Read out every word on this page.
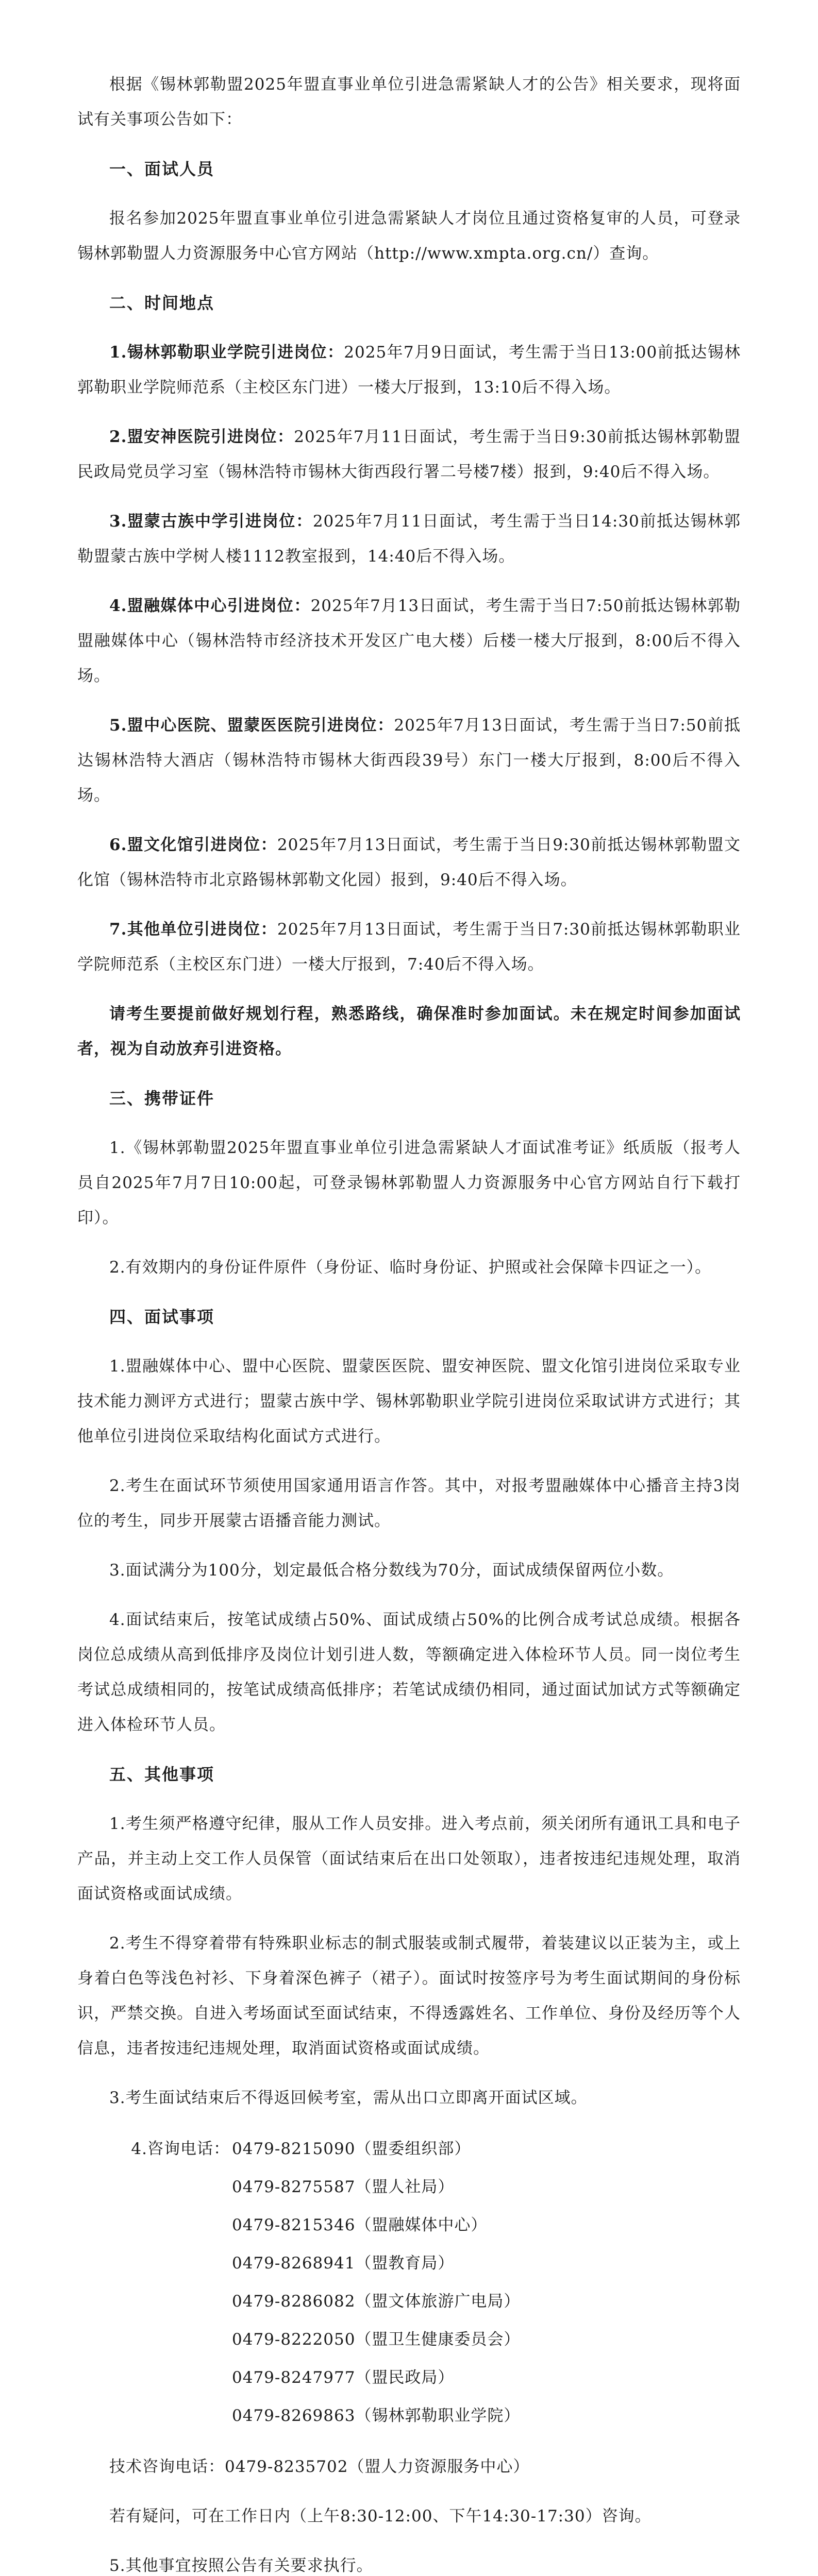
根据《锡林郭勒盟2025年盟直事业单位引进急需紧缺人才的公告》相关要求，现将面试有关事项公告如下：

一、面试人员

报名参加2025年盟直事业单位引进急需紧缺人才岗位且通过资格复审的人员，可登录锡林郭勒盟人力资源服务中心官方网站（http://www.xmpta.org.cn/）查询。

二、时间地点

1.锡林郭勒职业学院引进岗位：2025年7月9日面试，考生需于当日13:00前抵达锡林郭勒职业学院师范系（主校区东门进）一楼大厅报到，13:10后不得入场。

2.盟安神医院引进岗位：2025年7月11日面试，考生需于当日9:30前抵达锡林郭勒盟民政局党员学习室（锡林浩特市锡林大街西段行署二号楼7楼）报到，9:40后不得入场。

3.盟蒙古族中学引进岗位：2025年7月11日面试，考生需于当日14:30前抵达锡林郭勒盟蒙古族中学树人楼1112教室报到，14:40后不得入场。

4.盟融媒体中心引进岗位：2025年7月13日面试，考生需于当日7:50前抵达锡林郭勒盟融媒体中心（锡林浩特市经济技术开发区广电大楼）后楼一楼大厅报到，8:00后不得入场。

5.盟中心医院、盟蒙医医院引进岗位：2025年7月13日面试，考生需于当日7:50前抵达锡林浩特大酒店（锡林浩特市锡林大街西段39号）东门一楼大厅报到，8:00后不得入场。

6.盟文化馆引进岗位：2025年7月13日面试，考生需于当日9:30前抵达锡林郭勒盟文化馆（锡林浩特市北京路锡林郭勒文化园）报到，9:40后不得入场。

7.其他单位引进岗位：2025年7月13日面试，考生需于当日7:30前抵达锡林郭勒职业学院师范系（主校区东门进）一楼大厅报到，7:40后不得入场。

请考生要提前做好规划行程，熟悉路线，确保准时参加面试。未在规定时间参加面试者，视为自动放弃引进资格。

三、携带证件

1.《锡林郭勒盟2025年盟直事业单位引进急需紧缺人才面试准考证》纸质版（报考人员自2025年7月7日10:00起，可登录锡林郭勒盟人力资源服务中心官方网站自行下载打印）。

2.有效期内的身份证件原件（身份证、临时身份证、护照或社会保障卡四证之一）。

四、面试事项

1.盟融媒体中心、盟中心医院、盟蒙医医院、盟安神医院、盟文化馆引进岗位采取专业技术能力测评方式进行；盟蒙古族中学、锡林郭勒职业学院引进岗位采取试讲方式进行；其他单位引进岗位采取结构化面试方式进行。

2.考生在面试环节须使用国家通用语言作答。其中，对报考盟融媒体中心播音主持3岗位的考生，同步开展蒙古语播音能力测试。

3.面试满分为100分，划定最低合格分数线为70分，面试成绩保留两位小数。

4.面试结束后，按笔试成绩占50%、面试成绩占50%的比例合成考试总成绩。根据各岗位总成绩从高到低排序及岗位计划引进人数，等额确定进入体检环节人员。同一岗位考生考试总成绩相同的，按笔试成绩高低排序；若笔试成绩仍相同，通过面试加试方式等额确定进入体检环节人员。

五、其他事项

1.考生须严格遵守纪律，服从工作人员安排。进入考点前，须关闭所有通讯工具和电子产品，并主动上交工作人员保管（面试结束后在出口处领取），违者按违纪违规处理，取消面试资格或面试成绩。

2.考生不得穿着带有特殊职业标志的制式服装或制式履带，着装建议以正装为主，或上身着白色等浅色衬衫、下身着深色裤子（裙子）。面试时按签序号为考生面试期间的身份标识，严禁交换。自进入考场面试至面试结束，不得透露姓名、工作单位、身份及经历等个人信息，违者按违纪违规处理，取消面试资格或面试成绩。

3.考生面试结束后不得返回候考室，需从出口立即离开面试区域。

4.咨询电话： 0479-8215090（盟委组织部）
0479-8275587（盟人社局）
0479-8215346（盟融媒体中心）
0479-8268941（盟教育局）
0479-8286082（盟文体旅游广电局）
0479-8222050（盟卫生健康委员会）
0479-8247977（盟民政局）
0479-8269863（锡林郭勒职业学院）

技术咨询电话：0479-8235702（盟人力资源服务中心）

若有疑问，可在工作日内（上午8:30-12:00、下午14:30-17:30）咨询。

5.其他事宜按照公告有关要求执行。
